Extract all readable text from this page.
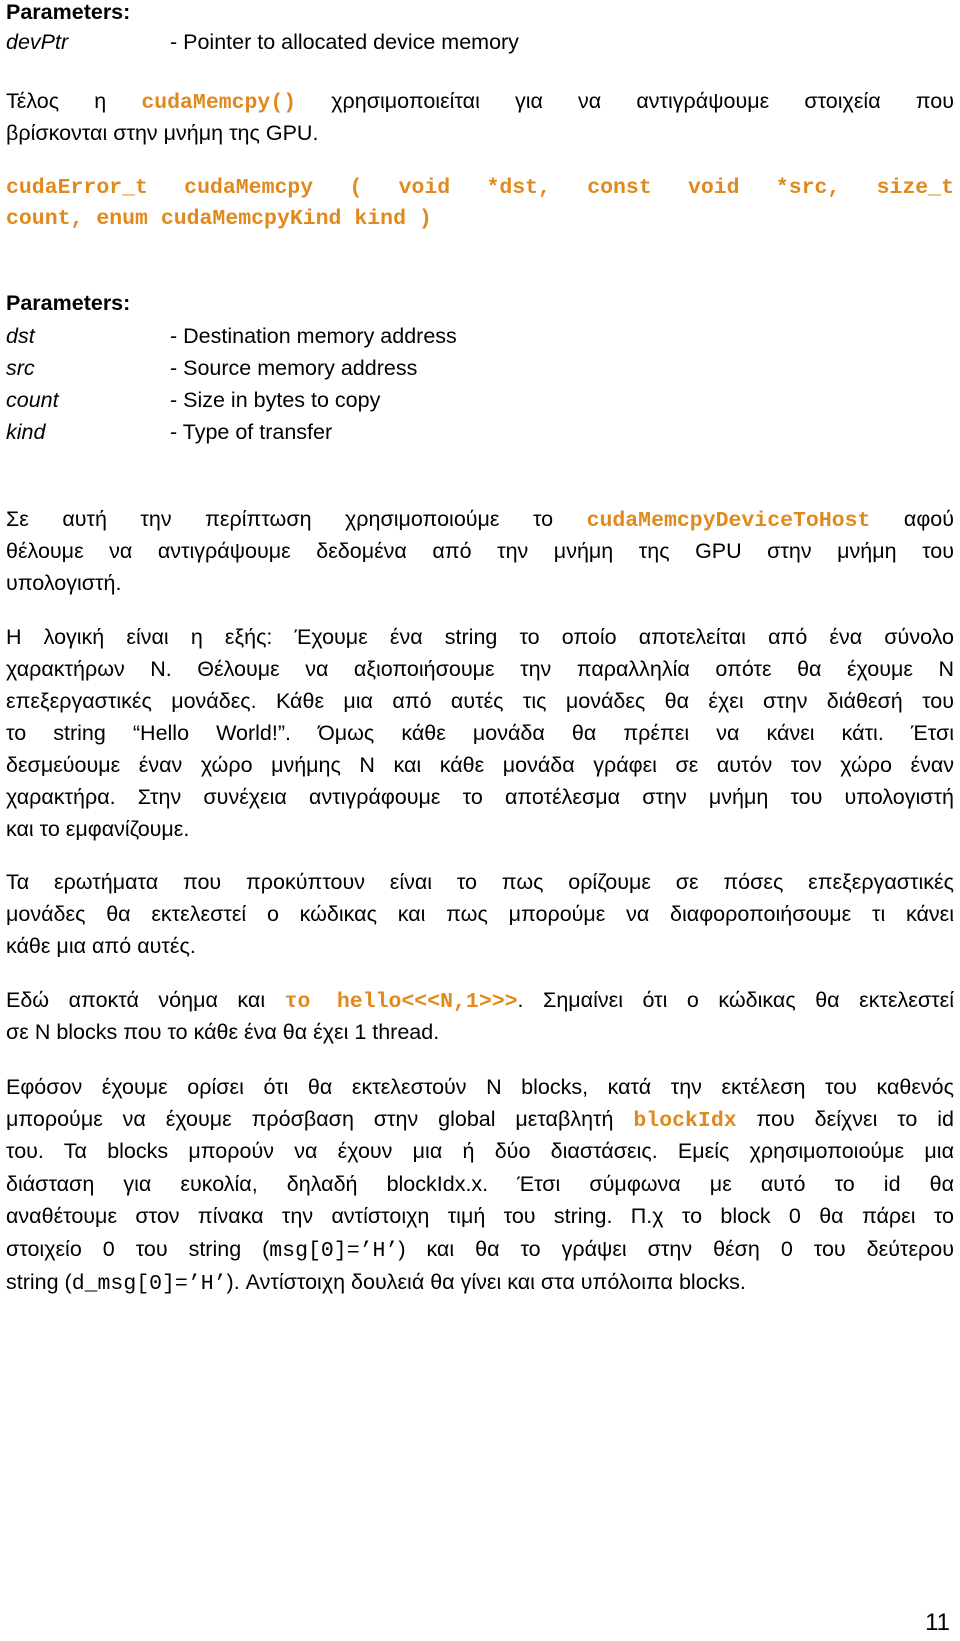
Parameters:
devPtr	- Pointer to allocated device memory
Τέλος η cudaMemcpy() χρησιμοποιείται για να αντιγράψουμε στοιχεία που
βρίσκονται στην μνήμη της GPU.
cudaError_t cudaMemcpy ( void *dst, const void *src, size_t
count, enum cudaMemcpyKind kind )
Parameters:
dst	- Destination memory address
src	- Source memory address
count	- Size in bytes to copy
kind	- Type of transfer
Σε αυτή την περίπτωση χρησιμοποιούμε το cudaMemcpyDeviceToHost αφού
θέλουμε να αντιγράψουμε δεδομένα από την μνήμη της GPU στην μνήμη του
υπολογιστή.
Η λογική είναι η εξής: Έχουμε ένα string το οποίο αποτελείται από ένα σύνολο
χαρακτήρων N. Θέλουμε να αξιοποιήσουμε την παραλληλία οπότε θα έχουμε N
επεξεργαστικές μονάδες. Κάθε μια από αυτές τις μονάδες θα έχει στην διάθεσή του
το string “Hello World!”. Όμως κάθε μονάδα θα πρέπει να κάνει κάτι. Έτσι
δεσμεύουμε έναν χώρο μνήμης N και κάθε μονάδα γράφει σε αυτόν τον χώρο έναν
χαρακτήρα. Στην συνέχεια αντιγράφουμε το αποτέλεσμα στην μνήμη του υπολογιστή
και το εμφανίζουμε.
Τα ερωτήματα που προκύπτουν είναι το πως ορίζουμε σε πόσες επεξεργαστικές
μονάδες θα εκτελεστεί ο κώδικας και πως μπορούμε να διαφοροποιήσουμε τι κάνει
κάθε μια από αυτές.
Εδώ αποκτά νόημα και το hello<<<N,1>>>. Σημαίνει ότι ο κώδικας θα εκτελεστεί
σε N blocks που το κάθε ένα θα έχει 1 thread.
Εφόσον έχουμε ορίσει ότι θα εκτελεστούν N blocks, κατά την εκτέλεση του καθενός
μπορούμε να έχουμε πρόσβαση στην global μεταβλητή blockIdx που δείχνει το id
του. Τα blocks μπορούν να έχουν μια ή δύο διαστάσεις. Εμείς χρησιμοποιούμε μια
διάσταση για ευκολία, δηλαδή blockIdx.x. Έτσι σύμφωνα με αυτό το id θα
αναθέτουμε στον πίνακα την αντίστοιχη τιμή του string. Π.χ το block 0 θα πάρει το
στοιχείο 0 του string (msg[0]=’H’) και θα το γράψει στην θέση 0 του δεύτερου
string (d_msg[0]=’H’). Αντίστοιχη δουλειά θα γίνει και στα υπόλοιπα blocks.
11
